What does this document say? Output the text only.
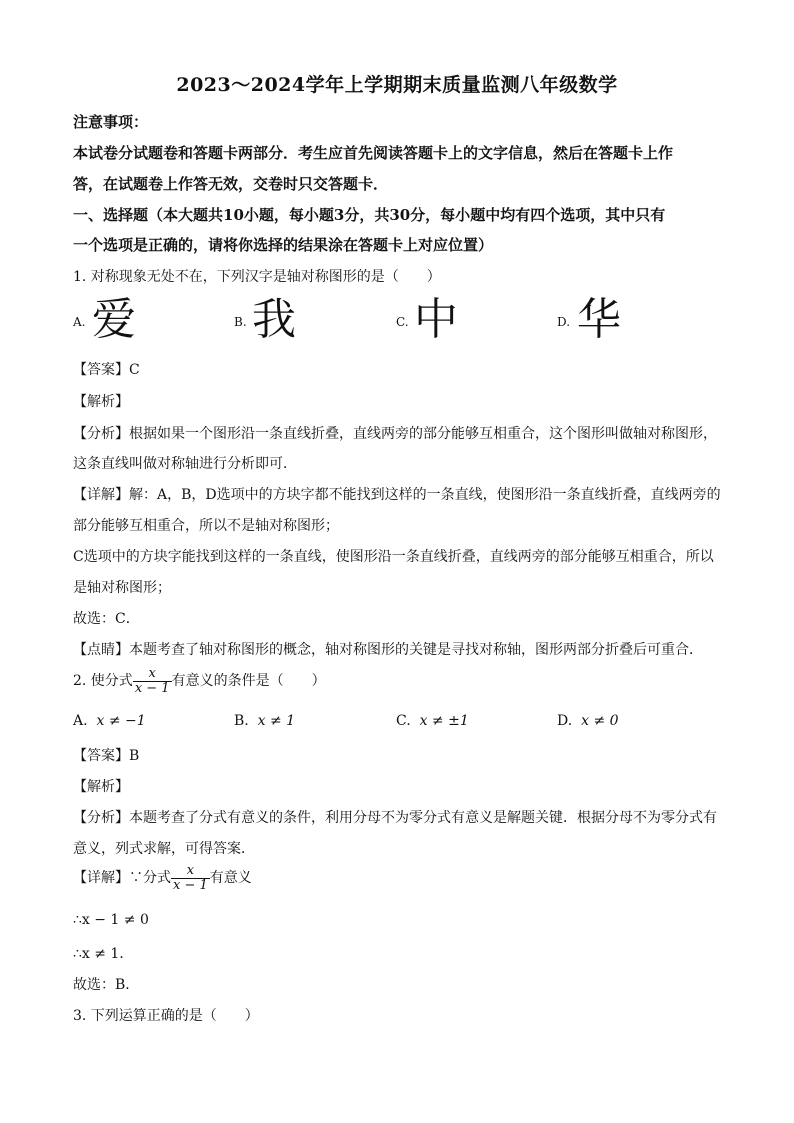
2023～2024学年上学期期末质量监测八年级数学
注意事项：
本试卷分试题卷和答题卡两部分．考生应首先阅读答题卡上的文字信息，然后在答题卡上作
答，在试题卷上作答无效，交卷时只交答题卡．
一、选择题（本大题共10小题，每小题3分，共30分，每小题中均有四个选项，其中只有
一个选项是正确的，请将你选择的结果涂在答题卡上对应位置）
1. 对称现象无处不在，下列汉字是轴对称图形的是（　　）
A. 爱	B. 我	C. 中	D. 华
【答案】C
【解析】
【分析】根据如果一个图形沿一条直线折叠，直线两旁的部分能够互相重合，这个图形叫做轴对称图形，
这条直线叫做对称轴进行分析即可．
【详解】解：A，B，D选项中的方块字都不能找到这样的一条直线，使图形沿一条直线折叠，直线两旁的
部分能够互相重合，所以不是轴对称图形；
C选项中的方块字能找到这样的一条直线，使图形沿一条直线折叠，直线两旁的部分能够互相重合，所以
是轴对称图形；
故选：C．
【点睛】本题考查了轴对称图形的概念，轴对称图形的关键是寻找对称轴，图形两部分折叠后可重合．
2. 使分式 $\frac{x}{x - 1}$ 有意义的条件是（　　）
A. x ≠ −1	B. x ≠ 1	C. x ≠ ±1	D. x ≠ 0
【答案】B
【解析】
【分析】本题考查了分式有意义的条件，利用分母不为零分式有意义是解题关键．根据分母不为零分式有
意义，列式求解，可得答案．
【详解】∵分式 $\frac{x}{x - 1}$ 有意义
∴x − 1 ≠ 0
∴x ≠ 1．
故选：B．
3. 下列运算正确的是（　　）
